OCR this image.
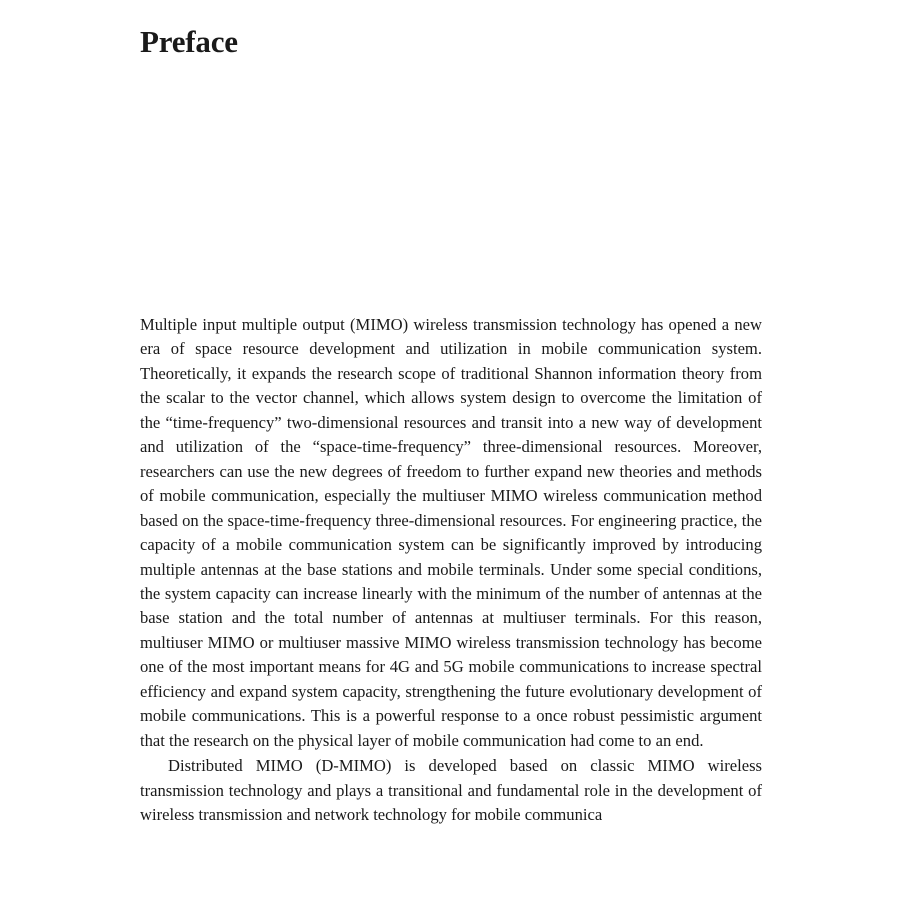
Preface

Multiple input multiple output (MIMO) wireless transmission technology has opened a new era of space resource development and utilization in mobile communication system. Theoretically, it expands the research scope of traditional Shannon information theory from the scalar to the vector channel, which allows system design to overcome the limitation of the “time-frequency” two-dimensional resources and transit into a new way of development and utilization of the “space-time-frequency” three-dimensional resources. Moreover, researchers can use the new degrees of freedom to further expand new theories and methods of mobile communication, especially the multiuser MIMO wireless communication method based on the space-time-frequency three-dimensional resources. For engineering practice, the capacity of a mobile communication system can be significantly improved by introducing multiple antennas at the base stations and mobile terminals. Under some special conditions, the system capacity can increase linearly with the minimum of the number of antennas at the base station and the total number of antennas at multiuser terminals. For this reason, multiuser MIMO or multiuser massive MIMO wireless transmission technology has become one of the most important means for 4G and 5G mobile communications to increase spectral efficiency and expand system capacity, strengthening the future evolutionary development of mobile communications. This is a powerful response to a once robust pessimistic argument that the research on the physical layer of mobile communication had come to an end.

Distributed MIMO (D-MIMO) is developed based on classic MIMO wireless transmission technology and plays a transitional and fundamental role in the development of wireless transmission and network technology for mobile communica
